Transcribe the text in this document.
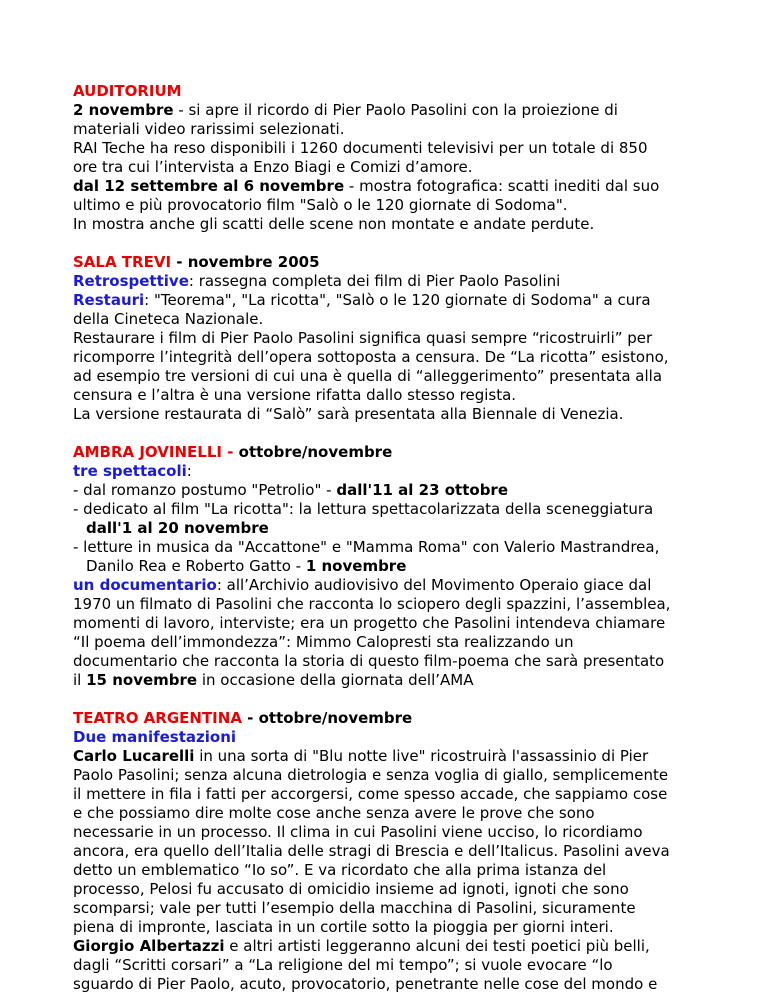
AUDITORIUM
2 novembre - si apre il ricordo di Pier Paolo Pasolini con la proiezione di
materiali video rarissimi selezionati.
RAI Teche ha reso disponibili i 1260 documenti televisivi per un totale di 850
ore tra cui l’intervista a Enzo Biagi e Comizi d’amore.
dal 12 settembre al 6 novembre - mostra fotografica: scatti inediti dal suo
ultimo e più provocatorio film "Salò o le 120 giornate di Sodoma".
In mostra anche gli scatti delle scene non montate e andate perdute.
SALA TREVI - novembre 2005
Retrospettive: rassegna completa dei film di Pier Paolo Pasolini
Restauri: "Teorema", "La ricotta", "Salò o le 120 giornate di Sodoma" a cura
della Cineteca Nazionale.
Restaurare i film di Pier Paolo Pasolini significa quasi sempre “ricostruirli” per
ricomporre l’integrità dell’opera sottoposta a censura. De “La ricotta” esistono,
ad esempio tre versioni di cui una è quella di “alleggerimento” presentata alla
censura e l’altra è una versione rifatta dallo stesso regista.
La versione restaurata di “Salò” sarà presentata alla Biennale di Venezia.
AMBRA JOVINELLI - ottobre/novembre
tre spettacoli:
- dal romanzo postumo "Petrolio" - dall'11 al 23 ottobre
- dedicato al film "La ricotta": la lettura spettacolarizzata della sceneggiatura
dall'1 al 20 novembre
- letture in musica da "Accattone" e "Mamma Roma" con Valerio Mastrandrea,
Danilo Rea e Roberto Gatto - 1 novembre
un documentario: all’Archivio audiovisivo del Movimento Operaio giace dal
1970 un filmato di Pasolini che racconta lo sciopero degli spazzini, l’assemblea,
momenti di lavoro, interviste; era un progetto che Pasolini intendeva chiamare
“Il poema dell’immondezza”: Mimmo Calopresti sta realizzando un
documentario che racconta la storia di questo film-poema che sarà presentato
il 15 novembre in occasione della giornata dell’AMA
TEATRO ARGENTINA - ottobre/novembre
Due manifestazioni
Carlo Lucarelli in una sorta di "Blu notte live" ricostruirà l'assassinio di Pier
Paolo Pasolini; senza alcuna dietrologia e senza voglia di giallo, semplicemente
il mettere in fila i fatti per accorgersi, come spesso accade, che sappiamo cose
e che possiamo dire molte cose anche senza avere le prove che sono
necessarie in un processo. Il clima in cui Pasolini viene ucciso, lo ricordiamo
ancora, era quello dell’Italia delle stragi di Brescia e dell’Italicus. Pasolini aveva
detto un emblematico “Io so”. E va ricordato che alla prima istanza del
processo, Pelosi fu accusato di omicidio insieme ad ignoti, ignoti che sono
scomparsi; vale per tutti l’esempio della macchina di Pasolini, sicuramente
piena di impronte, lasciata in un cortile sotto la pioggia per giorni interi.
Giorgio Albertazzi e altri artisti leggeranno alcuni dei testi poetici più belli,
dagli “Scritti corsari” a “La religione del mi tempo”; si vuole evocare “lo
sguardo di Pier Paolo, acuto, provocatorio, penetrante nelle cose del mondo e
